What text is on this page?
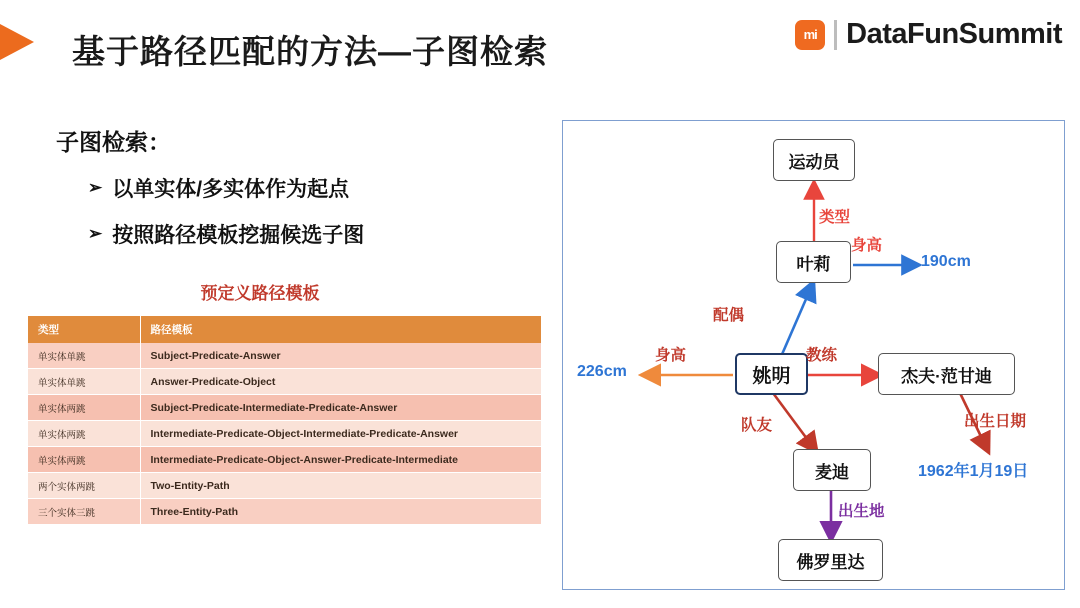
基于路径匹配的方法—子图检索	mi DataFunSummit
子图检索：
➢ 以单实体/多实体作为起点
➢ 按照路径模板挖掘候选子图
预定义路径模板
类型	路径模板
单实体单跳	Subject-Predicate-Answer
单实体单跳	Answer-Predicate-Object
单实体两跳	Subject-Predicate-Intermediate-Predicate-Answer
单实体两跳	Intermediate-Predicate-Object-Intermediate-Predicate-Answer
单实体两跳	Intermediate-Predicate-Object-Answer-Predicate-Intermediate
两个实体两跳	Two-Entity-Path
三个实体三跳	Three-Entity-Path
运动员
叶莉
姚明	杰夫·范甘迪
麦迪
佛罗里达
190cm
226cm
1962年1月19日
类型
身高
配偶
身高	教练
队友	出生日期
出生地
